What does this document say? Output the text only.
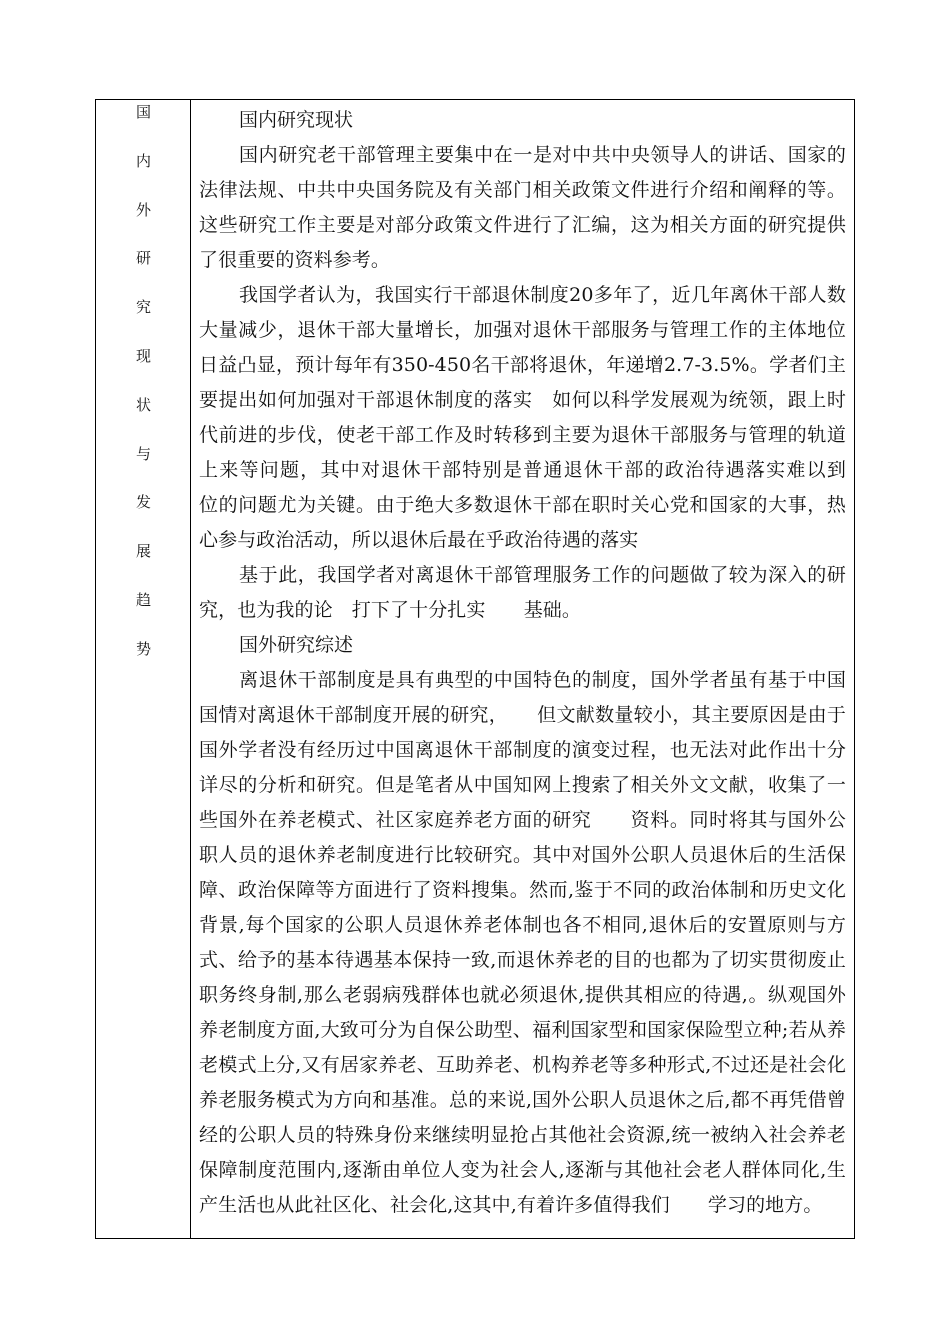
国
内
外
研
究
现
状
与
发
展
趋
势

国内研究现状

国内研究老干部管理主要集中在一是对中共中央领导人的讲话、国家的法律法规、中共中央国务院及有关部门相关政策文件进行介绍和阐释的等。这些研究工作主要是对部分政策文件进行了汇编，这为相关方面的研究提供了很重要的资料参考。

我国学者认为，我国实行干部退休制度20多年了，近几年离休干部人数大量减少，退休干部大量增长，加强对退休干部服务与管理工作的主体地位日益凸显，预计每年有350-450名干部将退休，年递增2.7-3.5%。学者们主要提出如何加强对干部退休制度的落实　如何以科学发展观为统领，跟上时代前进的步伐，使老干部工作及时转移到主要为退休干部服务与管理的轨道上来等问题，其中对退休干部特别是普通退休干部的政治待遇落实难以到　　位的问题尤为关键。由于绝大多数退休干部在职时关心党和国家的大事，热心参与政治活动，所以退休后最在乎政治待遇的落实

基于此，我国学者对离退休干部管理服务工作的问题做了较为深入的研究，也为我的论　打下了十分扎实　　基础。

国外研究综述

离退休干部制度是具有典型的中国特色的制度，国外学者虽有基于中国国情对离退休干部制度开展的研究，　　但文献数量较小，其主要原因是由于国外学者没有经历过中国离退休干部制度的演变过程，也无法对此作出十分详尽的分析和研究。但是笔者从中国知网上搜索了相关外文文献，收集了一些国外在养老模式、社区家庭养老方面的研究　　资料。同时将其与国外公职人员的退休养老制度进行比较研究。其中对国外公职人员退休后的生活保障、政治保障等方面进行了资料搜集。然而,鉴于不同的政治体制和历史文化背景,每个国家的公职人员退休养老体制也各不相同,退休后的安置原则与方式、给予的基本待遇基本保持一致,而退休养老的目的也都为了切实贯彻废止职务终身制,那么老弱病残群体也就必须退休,提供其相应的待遇,。纵观国外养老制度方面,大致可分为自保公助型、福利国家型和国家保险型立种;若从养老模式上分,又有居家养老、互助养老、机构养老等多种形式,不过还是社会化养老服务模式为方向和基准。总的来说,国外公职人员退休之后,都不再凭借曾经的公职人员的特殊身份来继续明显抢占其他社会资源,统一被纳入社会养老保障制度范围内,逐渐由单位人变为社会人,逐渐与其他社会老人群体同化,生产生活也从此社区化、社会化,这其中,有着许多值得我们　　学习的地方。
